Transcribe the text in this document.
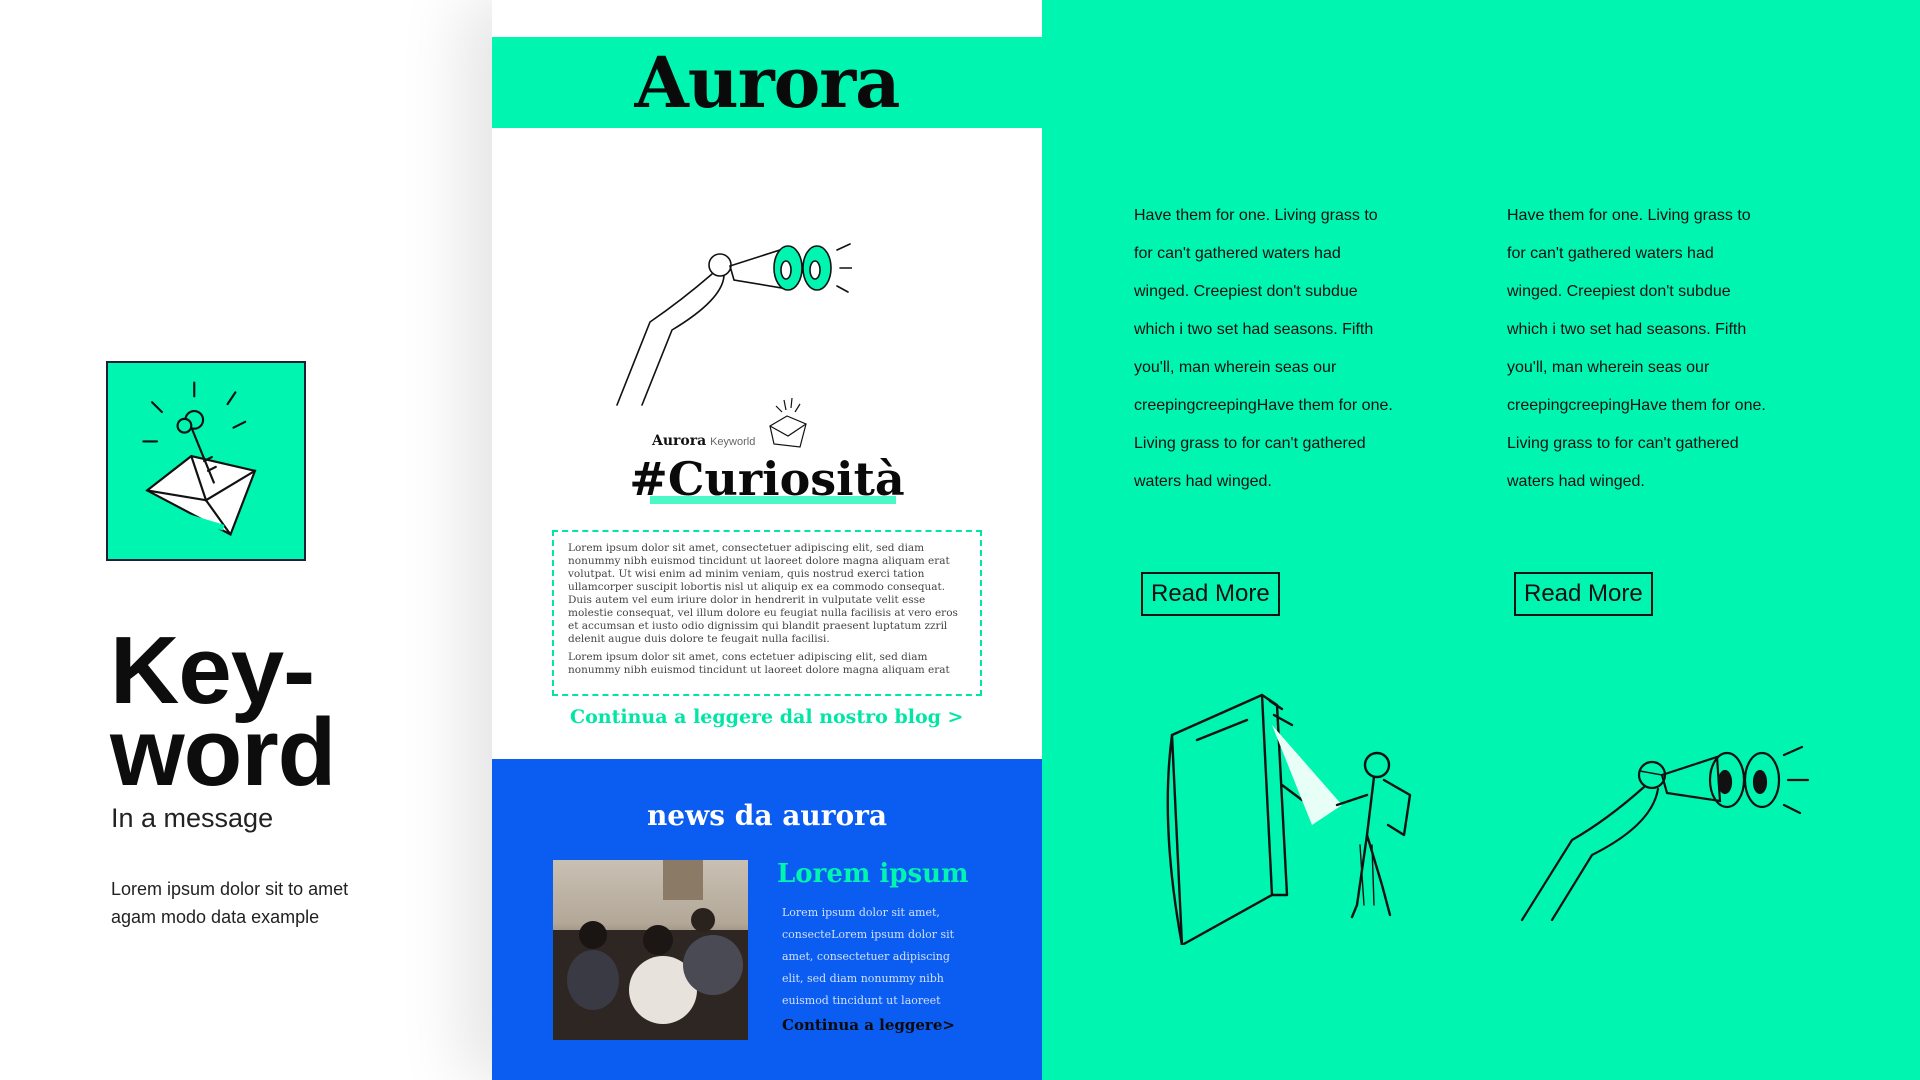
Key-
word
In a message
Lorem ipsum dolor sit to amet agam modo data example
Aurora
Aurora Keyworld
#Curiosità

Lorem ipsum dolor sit amet, consectetuer adipiscing elit, sed diam nonummy nibh euismod tincidunt ut laoreet dolore magna aliquam erat volutpat. Ut wisi enim ad minim veniam, quis nostrud exerci tation ullamcorper suscipit lobortis nisl ut aliquip ex ea commodo consequat. Duis autem vel eum iriure dolor in hendrerit in vulputate velit esse molestie consequat, vel illum dolore eu feugiat nulla facilisis at vero eros et accumsan et iusto odio dignissim qui blandit praesent luptatum zzril delenit augue duis dolore te feugait nulla facilisi.

Lorem ipsum dolor sit amet, cons ectetuer adipiscing elit, sed diam nonummy nibh euismod tincidunt ut laoreet dolore magna aliquam erat

Continua a leggere dal nostro blog >
news da aurora
Lorem ipsum
Lorem ipsum dolor sit amet, consecteLorem ipsum dolor sit amet, consectetuer adipiscing elit, sed diam nonummy nibh euismod tincidunt ut laoreet
Continua a leggere>
Have them for one. Living grass to for can't gathered waters had winged. Creepiest don't subdue which i two set had seasons. Fifth you'll, man wherein seas our creepingcreepingHave them for one. Living grass to for can't gathered waters had winged.
Have them for one. Living grass to for can't gathered waters had winged. Creepiest don't subdue which i two set had seasons. Fifth you'll, man wherein seas our creepingcreepingHave them for one. Living grass to for can't gathered waters had winged.
Read More	Read More
